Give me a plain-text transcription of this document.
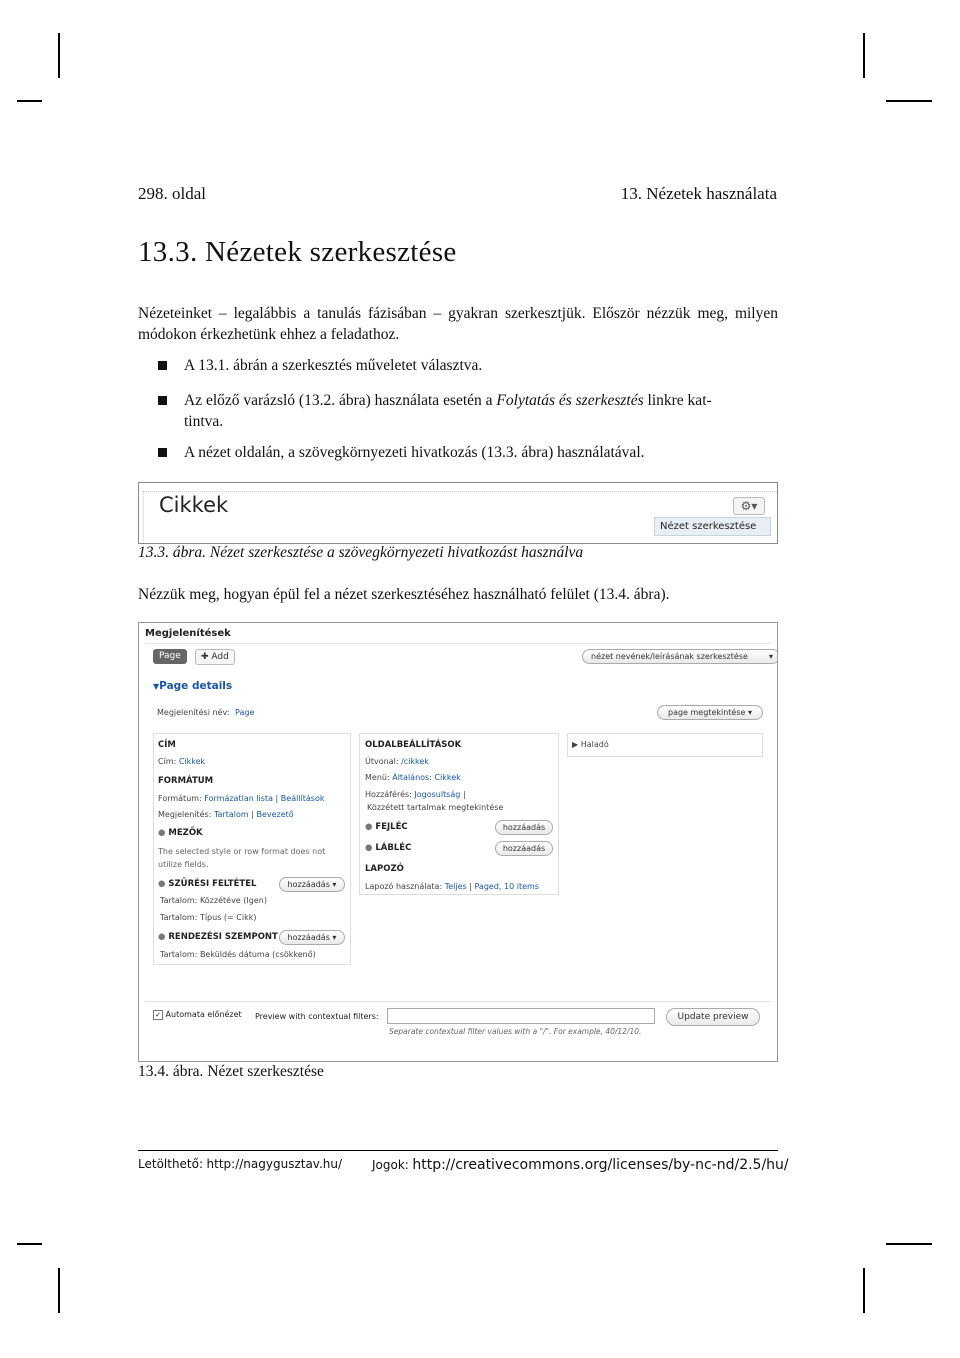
298. oldal	13. Nézetek használata
13.3. Nézetek szerkesztése
Nézeteinket – legalábbis a tanulás fázisában – gyakran szerkesztjük. Először nézzük meg, milyen módokon érkezhetünk ehhez a feladathoz.
A 13.1. ábrán a szerkesztés műveletet választva.
Az előző varázsló (13.2. ábra) használata esetén a Folytatás és szerkesztés linkre kat-
tintva.
A nézet oldalán, a szövegkörnyezeti hivatkozás (13.3. ábra) használatával.
Cikkek	⚙▾
Nézet szerkesztése
13.3. ábra. Nézet szerkesztése a szövegkörnyezeti hivatkozást használva
Nézzük meg, hogyan épül fel a nézet szerkesztéséhez használható felület (13.4. ábra).
Megjelenítések
Page	✚ Add	nézet nevének/leírásának szerkesztése	▾
▼Page details
Megjelenítési név: Page	page megtekintése ▾
CÍM
Cím: Cikkek
FORMÁTUM
Formátum: Formázatlan lista | Beállítások
Megjelenítés: Tartalom | Bevezető
● MEZŐK
The selected style or row format does not
utilize fields.
● SZŰRÉSI FELTÉTEL	hozzáadás ▾
Tartalom: Közzétéve (Igen)
Tartalom: Típus (= Cikk)
● RENDEZÉSI SZEMPONT	hozzáadás ▾
Tartalom: Beküldés dátuma (csökkenő)
OLDALBEÁLLÍTÁSOK
Útvonal: /cikkek
Menü: Általános: Cikkek
Hozzáférés: Jogosultság |
Közzétett tartalmak megtekintése
● FEJLÉC	hozzáadás
● LÁBLÉC	hozzáadás
LAPOZÓ
Lapozó használata: Teljes | Paged, 10 items
▶ Haladó
✓ Automata előnézet Preview with contextual filters:
Separate contextual filter values with a "/". For example, 40/12/10.
Update preview
13.4. ábra. Nézet szerkesztése
Letölthető: http://nagygusztav.hu/ Jogok: http://creativecommons.org/licenses/by-nc-nd/2.5/hu/
